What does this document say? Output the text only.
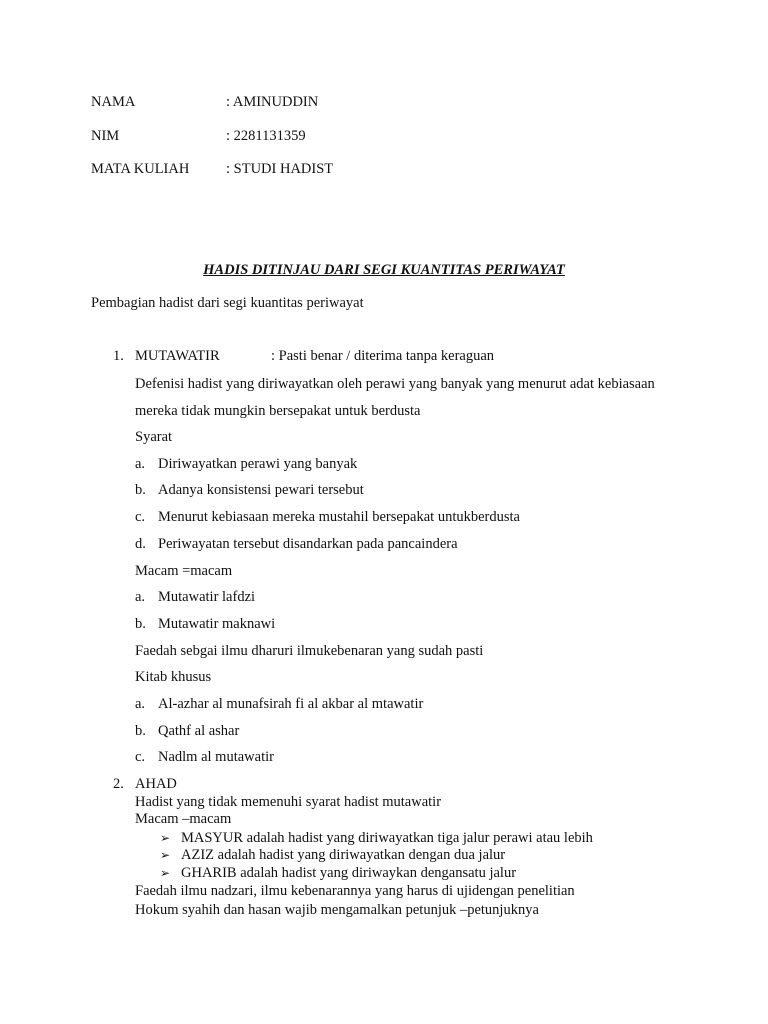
NAMA	: AMINUDDIN
NIM	: 2281131359
MATA KULIAH	: STUDI HADIST
HADIS DITINJAU DARI SEGI KUANTITAS PERIWAYAT
Pembagian hadist dari segi kuantitas periwayat
1. MUTAWATIR	: Pasti benar / diterima tanpa keraguan
Defenisi hadist yang diriwayatkan oleh perawi yang banyak yang menurut adat kebiasaan
mereka tidak mungkin bersepakat untuk berdusta
Syarat
a. Diriwayatkan perawi yang banyak
b. Adanya konsistensi pewari tersebut
c. Menurut kebiasaan mereka mustahil bersepakat untukberdusta
d. Periwayatan tersebut disandarkan pada pancaindera
Macam =macam
a. Mutawatir lafdzi
b. Mutawatir maknawi
Faedah sebgai ilmu dharuri ilmukebenaran yang sudah pasti
Kitab khusus
a. Al-azhar al munafsirah fi al akbar al mtawatir
b. Qathf al ashar
c. Nadlm al mutawatir
2. AHAD
Hadist yang tidak memenuhi syarat hadist mutawatir
Macam –macam
➢ MASYUR adalah hadist yang diriwayatkan tiga jalur perawi atau lebih
➢ AZIZ adalah hadist yang diriwayatkan dengan dua jalur
➢ GHARIB adalah hadist yang diriwaykan dengansatu jalur
Faedah ilmu nadzari, ilmu kebenarannya yang harus di ujidengan penelitian
Hokum syahih dan hasan wajib mengamalkan petunjuk –petunjuknya
